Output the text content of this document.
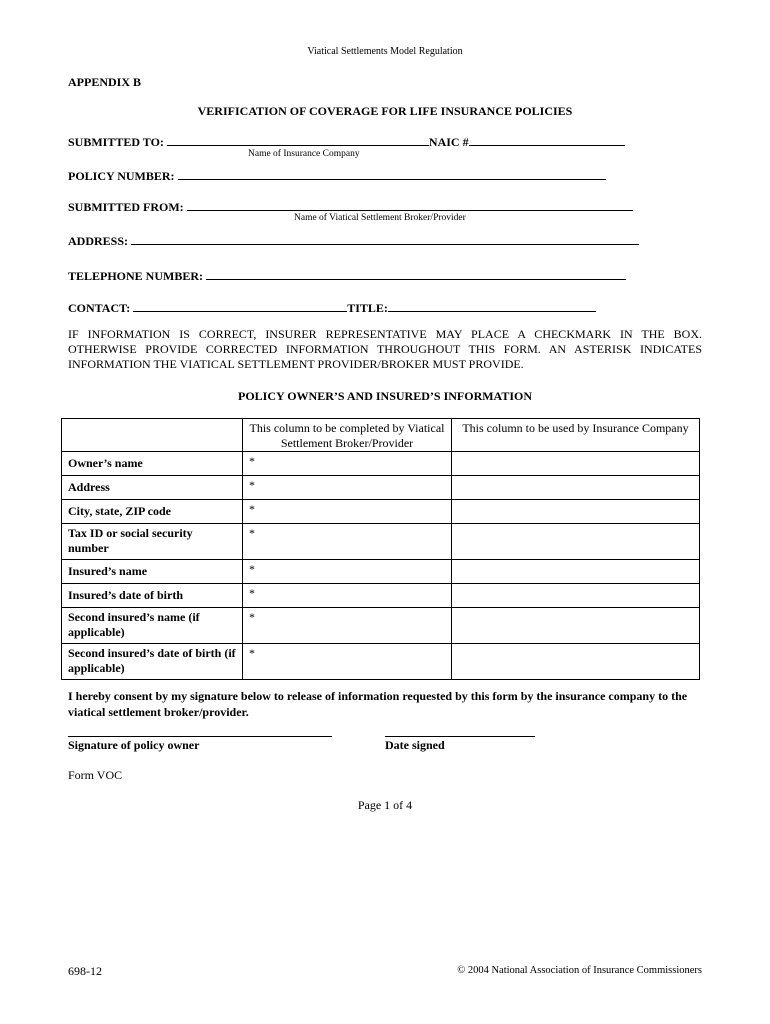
Viatical Settlements Model Regulation
APPENDIX B
VERIFICATION OF COVERAGE FOR LIFE INSURANCE POLICIES
SUBMITTED TO:	NAIC #
Name of Insurance Company
POLICY NUMBER:
SUBMITTED FROM:
Name of Viatical Settlement Broker/Provider
ADDRESS:
TELEPHONE NUMBER:
CONTACT:	TITLE:
IF INFORMATION IS CORRECT, INSURER REPRESENTATIVE MAY PLACE A CHECKMARK IN THE BOX. OTHERWISE PROVIDE CORRECTED INFORMATION THROUGHOUT THIS FORM. AN ASTERISK INDICATES INFORMATION THE VIATICAL SETTLEMENT PROVIDER/BROKER MUST PROVIDE.
POLICY OWNER’S AND INSURED’S INFORMATION
	This column to be completed by Viatical Settlement Broker/Provider	This column to be used by Insurance Company
Owner’s name	*	
Address	*	
City, state, ZIP code	*	
Tax ID or social security number	*	
Insured’s name	*	
Insured’s date of birth	*	
Second insured’s name (if applicable)	*	
Second insured’s date of birth (if applicable)	*	
I hereby consent by my signature below to release of information requested by this form by the insurance company to the viatical settlement broker/provider.
Signature of policy owner	Date signed
Form VOC
Page 1 of 4
698-12	© 2004 National Association of Insurance Commissioners
